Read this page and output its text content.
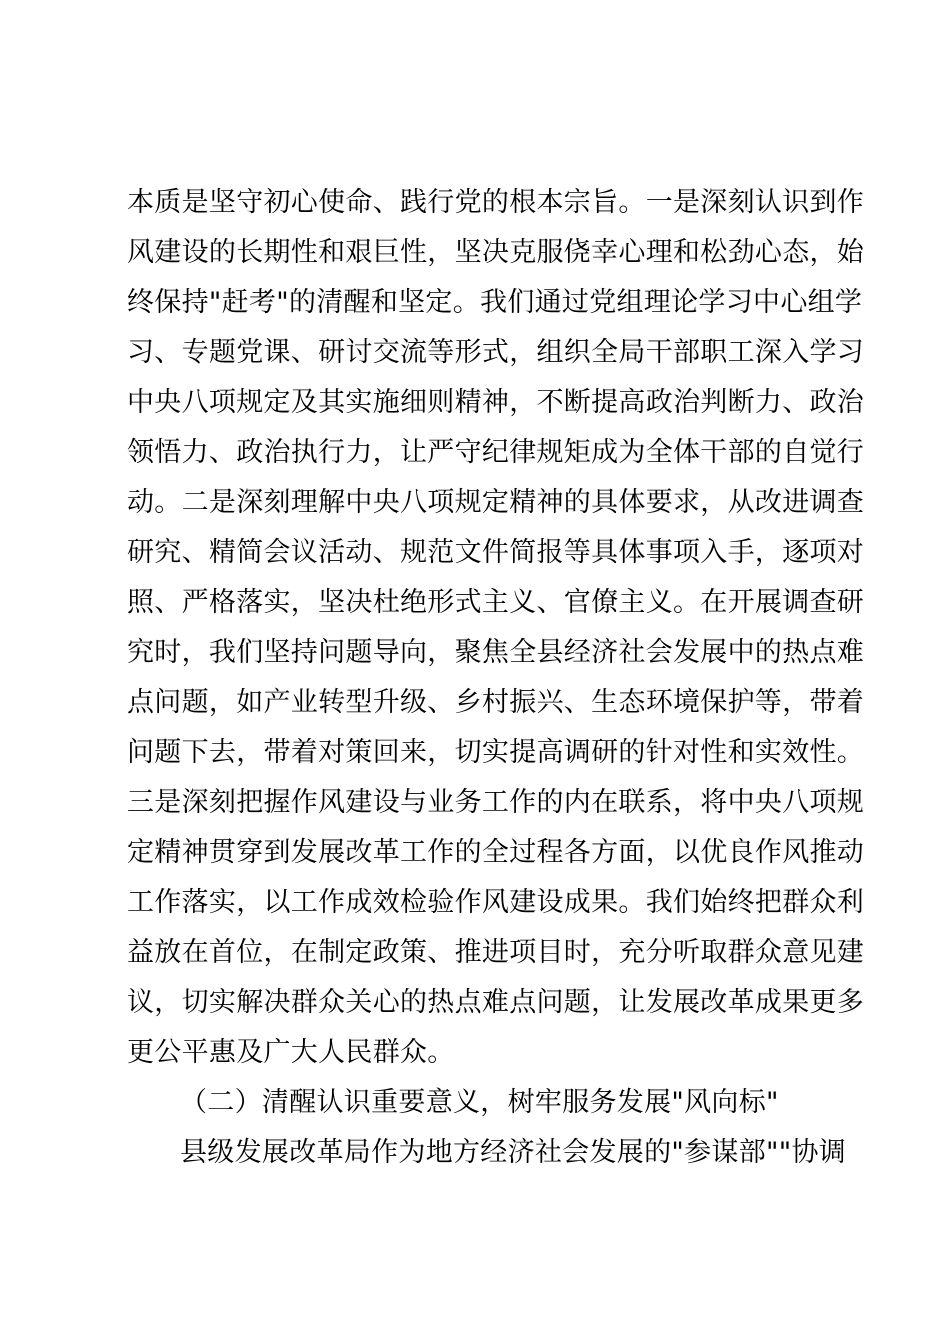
本质是坚守初心使命、践行党的根本宗旨。一是深刻认识到作
风建设的长期性和艰巨性，坚决克服侥幸心理和松劲心态，始
终保持"赶考"的清醒和坚定。我们通过党组理论学习中心组学
习、专题党课、研讨交流等形式，组织全局干部职工深入学习
中央八项规定及其实施细则精神，不断提高政治判断力、政治
领悟力、政治执行力，让严守纪律规矩成为全体干部的自觉行
动。二是深刻理解中央八项规定精神的具体要求，从改进调查
研究、精简会议活动、规范文件简报等具体事项入手，逐项对
照、严格落实，坚决杜绝形式主义、官僚主义。在开展调查研
究时，我们坚持问题导向，聚焦全县经济社会发展中的热点难
点问题，如产业转型升级、乡村振兴、生态环境保护等，带着
问题下去，带着对策回来，切实提高调研的针对性和实效性。
三是深刻把握作风建设与业务工作的内在联系，将中央八项规
定精神贯穿到发展改革工作的全过程各方面，以优良作风推动
工作落实，以工作成效检验作风建设成果。我们始终把群众利
益放在首位，在制定政策、推进项目时，充分听取群众意见建
议，切实解决群众关心的热点难点问题，让发展改革成果更多
更公平惠及广大人民群众。
（二）清醒认识重要意义，树牢服务发展"风向标"
县级发展改革局作为地方经济社会发展的"参谋部""协调
